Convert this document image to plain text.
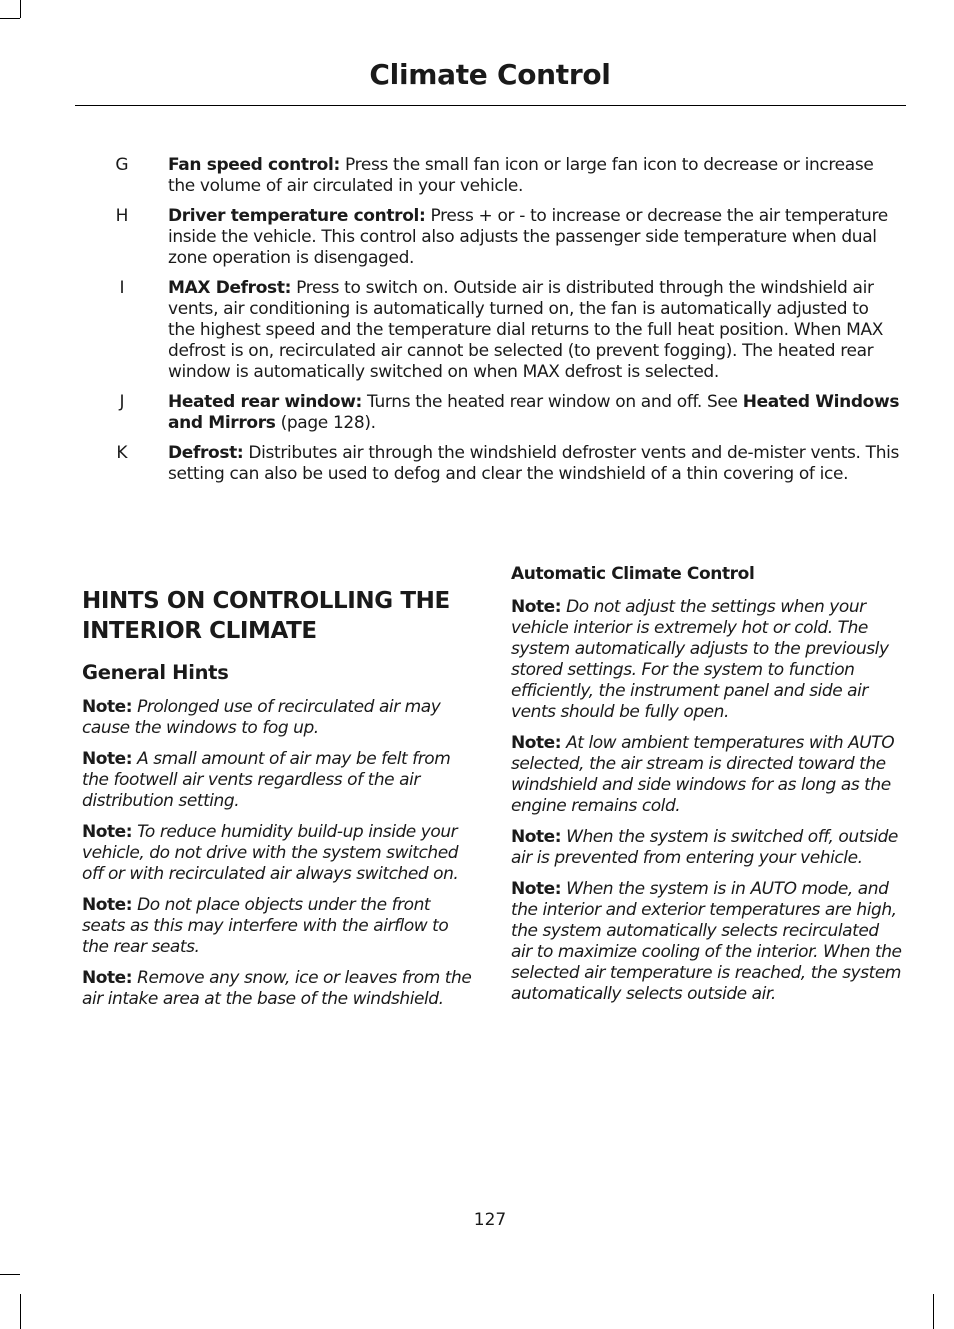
Climate Control
G	Fan speed control: Press the small fan icon or large fan icon to decrease or increase the volume of air circulated in your vehicle.
H	Driver temperature control: Press + or - to increase or decrease the air temperature inside the vehicle. This control also adjusts the passenger side temperature when dual zone operation is disengaged.
I	MAX Defrost: Press to switch on. Outside air is distributed through the windshield air vents, air conditioning is automatically turned on, the fan is automatically adjusted to the highest speed and the temperature dial returns to the full heat position. When MAX defrost is on, recirculated air cannot be selected (to prevent fogging). The heated rear window is automatically switched on when MAX defrost is selected.
J	Heated rear window: Turns the heated rear window on and off. See Heated Windows and Mirrors (page 128).
K	Defrost: Distributes air through the windshield defroster vents and de-mister vents. This setting can also be used to defog and clear the windshield of a thin covering of ice.
HINTS ON CONTROLLING THE INTERIOR CLIMATE
General Hints

Note: Prolonged use of recirculated air may cause the windows to fog up.

Note: A small amount of air may be felt from the footwell air vents regardless of the air distribution setting.

Note: To reduce humidity build-up inside your vehicle, do not drive with the system switched off or with recirculated air always switched on.

Note: Do not place objects under the front seats as this may interfere with the airflow to the rear seats.

Note: Remove any snow, ice or leaves from the air intake area at the base of the windshield.

Automatic Climate Control

Note: Do not adjust the settings when your vehicle interior is extremely hot or cold. The system automatically adjusts to the previously stored settings. For the system to function efficiently, the instrument panel and side air vents should be fully open.

Note: At low ambient temperatures with AUTO selected, the air stream is directed toward the windshield and side windows for as long as the engine remains cold.

Note: When the system is switched off, outside air is prevented from entering your vehicle.

Note: When the system is in AUTO mode, and the interior and exterior temperatures are high, the system automatically selects recirculated air to maximize cooling of the interior. When the selected air temperature is reached, the system automatically selects outside air.

127
